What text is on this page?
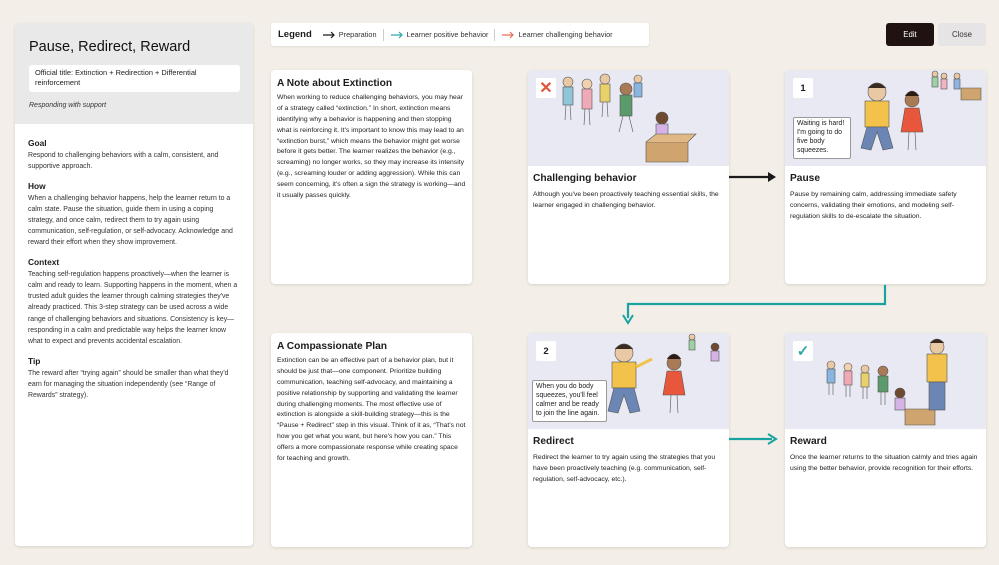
Pause, Redirect, Reward
Official title: Extinction + Redirection + Differential reinforcement
Responding with support
Goal

Respond to challenging behaviors with a calm, consistent, and supportive approach.

How

When a challenging behavior happens, help the learner return to a calm state. Pause the situation, guide them in using a coping strategy, and once calm, redirect them to try again using communication, self-regulation, or self-advocacy. Acknowledge and reward their effort when they show improvement.

Context

Teaching self-regulation happens proactively—when the learner is calm and ready to learn. Supporting happens in the moment, when a trusted adult guides the learner through calming strategies they've already practiced. This 3-step strategy can be used across a wide range of challenging behaviors and situations. Consistency is key—responding in a calm and predictable way helps the learner know what to expect and prevents accidental escalation.

Tip

The reward after “trying again” should be smaller than what they'd earn for managing the situation independently (see “Range of Rewards” strategy).

Legend	Preparation	Learner positive behavior	Learner challenging behavior	Edit	Close
A Note about Extinction

When working to reduce challenging behaviors, you may hear of a strategy called “extinction.” In short, extinction means identifying why a behavior is happening and then stopping what is reinforcing it. It's important to know this may lead to an “extinction burst,” which means the behavior might get worse before it gets better. The learner realizes the behavior (e.g., screaming) no longer works, so they may increase its intensity (e.g., screaming louder or adding aggression). While this can seem concerning, it's often a sign the strategy is working—and it usually passes quickly.

A Compassionate Plan

Extinction can be an effective part of a behavior plan, but it should be just that—one component. Prioritize building communication, teaching self-advocacy, and maintaining a positive relationship by supporting and validating the learner during challenging moments. The most effective use of extinction is alongside a skill-building strategy—this is the “Pause + Redirect” step in this visual. Think of it as, “That's not how you get what you want, but here's how you can.” This offers a more compassionate response while creating space for teaching and growth.

✕
Challenging behavior

Although you've been proactively teaching essential skills, the learner engaged in challenging behavior.

1
Waiting is hard! I'm going to do five body squeezes.
Pause

Pause by remaining calm, addressing immediate safety concerns, validating their emotions, and modeling self-regulation skills to de-escalate the situation.

2
When you do body squeezes, you'll feel calmer and be ready to join the line again.
Redirect

Redirect the learner to try again using the strategies that you have been proactively teaching (e.g. communication, self-regulation, self-advocacy, etc.).

✓
Reward

Once the learner returns to the situation calmly and tries again using the better behavior, provide recognition for their efforts.
